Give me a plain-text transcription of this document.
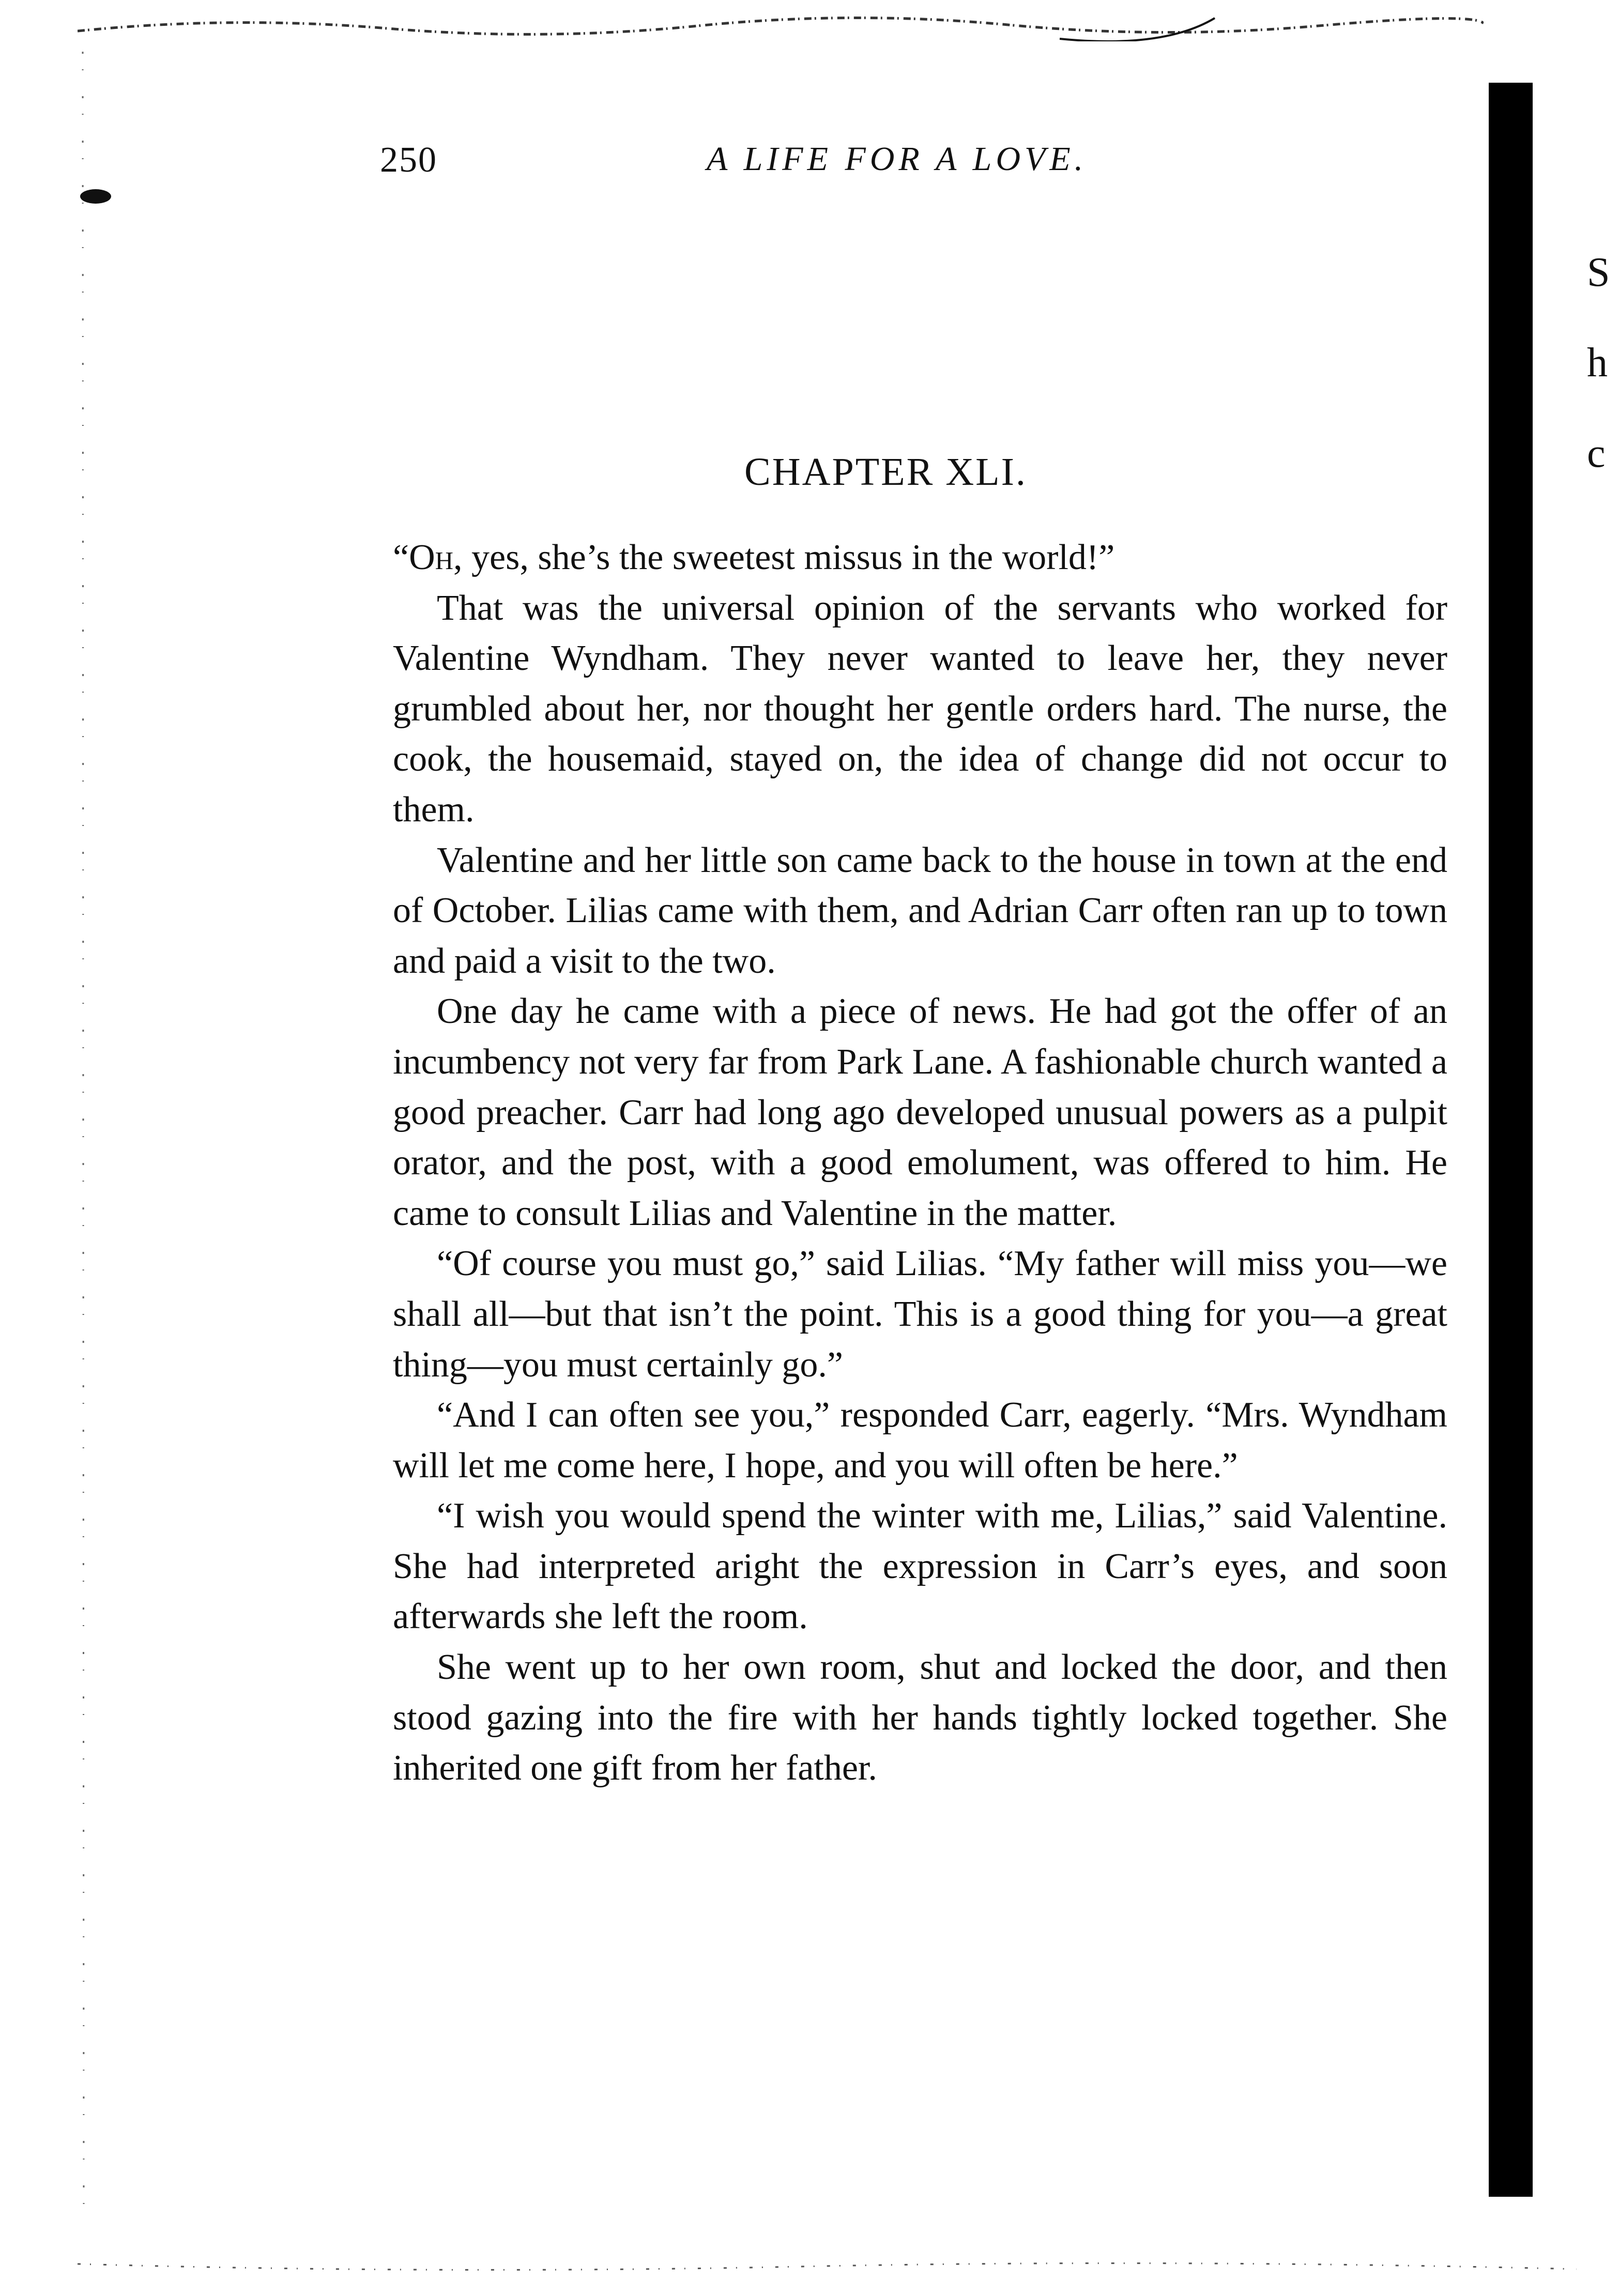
S
h
c
250	A LIFE FOR A LOVE.
CHAPTER XLI.

“Oh, yes, she’s the sweetest missus in the world!”

That was the universal opinion of the servants who worked for Valentine Wyndham. They never wanted to leave her, they never grumbled about her, nor thought her gentle orders hard. The nurse, the cook, the housemaid, stayed on, the idea of change did not occur to them.

Valentine and her little son came back to the house in town at the end of October. Lilias came with them, and Adrian Carr often ran up to town and paid a visit to the two.

One day he came with a piece of news. He had got the offer of an incumbency not very far from Park Lane. A fashionable church wanted a good preacher. Carr had long ago developed unusual powers as a pulpit orator, and the post, with a good emolument, was offered to him. He came to consult Lilias and Valentine in the matter.

“Of course you must go,” said Lilias. “My father will miss you—we shall all—but that isn’t the point. This is a good thing for you—a great thing—you must certainly go.”

“And I can often see you,” responded Carr, eagerly. “Mrs. Wyndham will let me come here, I hope, and you will often be here.”

“I wish you would spend the winter with me, Lilias,” said Valentine. She had interpreted aright the expression in Carr’s eyes, and soon afterwards she left the room.

She went up to her own room, shut and locked the door, and then stood gazing into the fire with her hands tightly locked together. She inherited one gift from her father.
